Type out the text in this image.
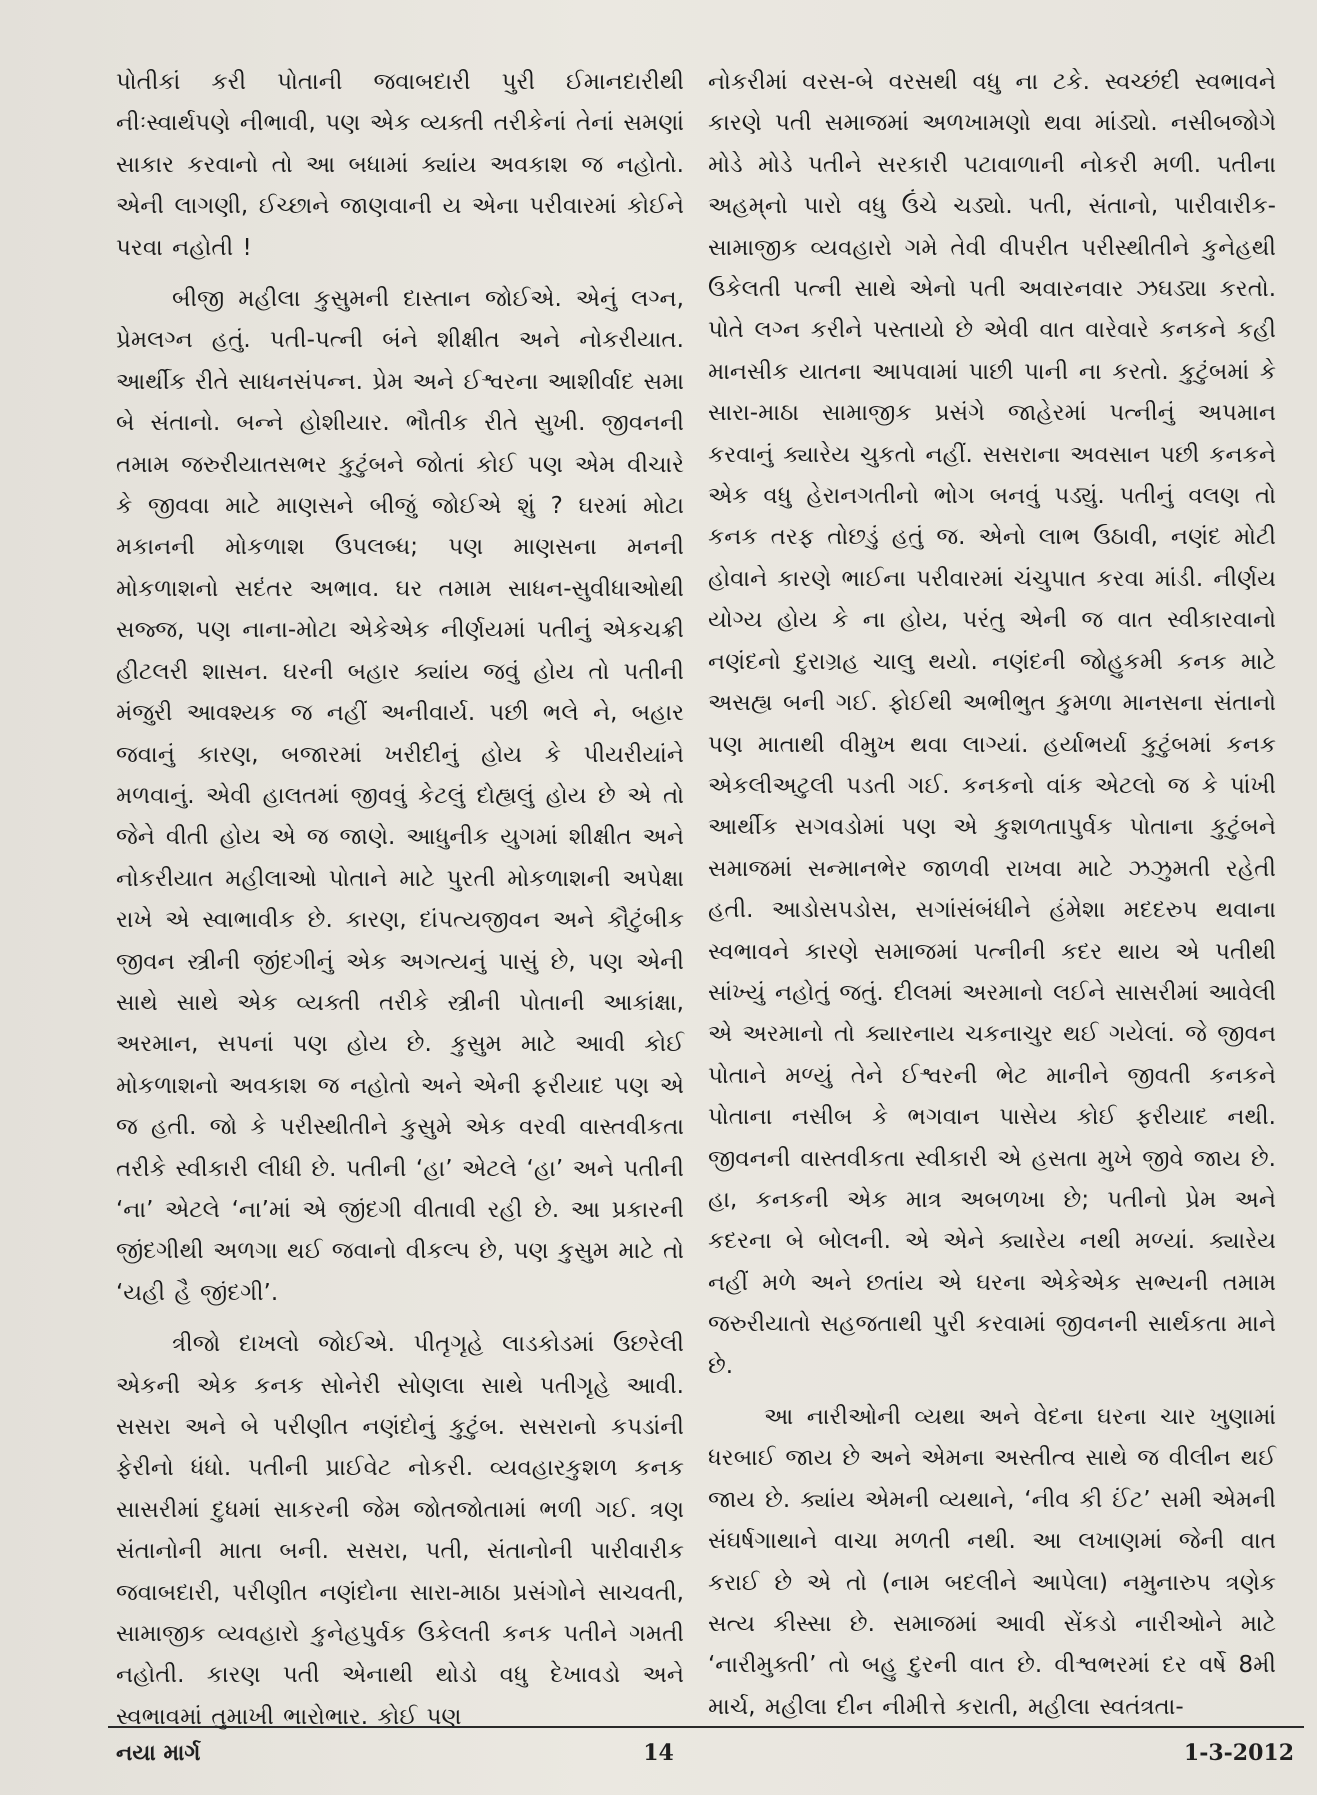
પોતીકાં કરી પોતાની જવાબદારી પુરી ઈમાનદારીથી નીઃસ્વાર્થપણે નીભાવી, પણ એક વ્યક્તી તરીકેનાં તેનાં સમણાં સાકાર કરવાનો તો આ બધામાં ક્યાંય અવકાશ જ નહોતો. એની લાગણી, ઈચ્છાને જાણવાની ય એના પરીવારમાં કોઈને પરવા નહોતી !

બીજી મહીલા કુસુમની દાસ્તાન જોઈએ. એનું લગ્ન, પ્રેમલગ્ન હતું. પતી-પત્ની બંને શીક્ષીત અને નોકરીયાત. આર્થીક રીતે સાધનસંપન્ન. પ્રેમ અને ઈશ્વરના આશીર્વાદ સમા બે સંતાનો. બન્ને હોશીયાર. ભૌતીક રીતે સુખી. જીવનની તમામ જરુરીયાતસભર કુટુંબને જોતાં કોઈ પણ એમ વીચારે કે જીવવા માટે માણસને બીજું જોઈએ શું ? ઘરમાં મોટા મકાનની મોકળાશ ઉપલબ્ધ; પણ માણસના મનની મોકળાશનો સદંતર અભાવ. ઘર તમામ સાધન-સુવીધાઓથી સજ્જ, પણ નાના-મોટા એકેએક નીર્ણયમાં પતીનું એકચક્રી હીટલરી શાસન. ઘરની બહાર ક્યાંય જવું હોય તો પતીની મંજુરી આવશ્યક જ નહીં અનીવાર્ય. પછી ભલે ને, બહાર જવાનું કારણ, બજારમાં ખરીદીનું હોય કે પીયરીયાંને મળવાનું. એવી હાલતમાં જીવવું કેટલું દોહ્યલું હોય છે એ તો જેને વીતી હોય એ જ જાણે. આધુનીક યુગમાં શીક્ષીત અને નોકરીયાત મહીલાઓ પોતાને માટે પુરતી મોકળાશની અપેક્ષા રાખે એ સ્વાભાવીક છે. કારણ, દાંપત્યજીવન અને કૌટુંબીક જીવન સ્ત્રીની જીંદગીનું એક અગત્યનું પાસું છે, પણ એની સાથે સાથે એક વ્યક્તી તરીકે સ્ત્રીની પોતાની આકાંક્ષા, અરમાન, સપનાં પણ હોય છે. કુસુમ માટે આવી કોઈ મોકળાશનો અવકાશ જ નહોતો અને એની ફરીયાદ પણ એ જ હતી. જો કે પરીસ્થીતીને કુસુમે એક વરવી વાસ્તવીકતા તરીકે સ્વીકારી લીધી છે. પતીની ‘હા’ એટલે ‘હા’ અને પતીની ‘ના’ એટલે ‘ના’માં એ જીંદગી વીતાવી રહી છે. આ પ્રકારની જીંદગીથી અળગા થઈ જવાનો વીકલ્પ છે, પણ કુસુમ માટે તો ‘યહી હૈ જીંદગી’.

ત્રીજો દાખલો જોઈએ. પીતૃગૃહે લાડકોડમાં ઉછરેલી એકની એક કનક સોનેરી સોણલા સાથે પતીગૃહે આવી. સસરા અને બે પરીણીત નણંદોનું કુટુંબ. સસરાનો કપડાંની ફેરીનો ધંધો. પતીની પ્રાઈવેટ નોકરી. વ્યવહારકુશળ કનક સાસરીમાં દુધમાં સાકરની જેમ જોતજોતામાં ભળી ગઈ. ત્રણ સંતાનોની માતા બની. સસરા, પતી, સંતાનોની પારીવારીક જવાબદારી, પરીણીત નણંદોના સારા-માઠા પ્રસંગોને સાચવતી, સામાજીક વ્યવહારો કુનેહપુર્વક ઉકેલતી કનક પતીને ગમતી નહોતી. કારણ પતી એનાથી થોડો વધુ દેખાવડો અને સ્વભાવમાં તુમાખી ભારોભાર. કોઈ પણ

નોકરીમાં વરસ-બે વરસથી વધુ ના ટકે. સ્વચ્છંદી સ્વભાવને કારણે પતી સમાજમાં અળખામણો થવા માંડ્યો. નસીબજોગે મોડે મોડે પતીને સરકારી પટાવાળાની નોકરી મળી. પતીના અહમ્‌નો પારો વધુ ઉંચે ચડ્યો. પતી, સંતાનો, પારીવારીક-સામાજીક વ્યવહારો ગમે તેવી વીપરીત પરીસ્થીતીને કુનેહથી ઉકેલતી પત્ની સાથે એનો પતી અવારનવાર ઝઘડ્યા કરતો. પોતે લગ્ન કરીને પસ્તાયો છે એવી વાત વારેવારે કનકને કહી માનસીક યાતના આપવામાં પાછી પાની ના કરતો. કુટુંબમાં કે સારા-માઠા સામાજીક પ્રસંગે જાહેરમાં પત્નીનું અપમાન કરવાનું ક્યારેય ચુકતો નહીં. સસરાના અવસાન પછી કનકને એક વધુ હેરાનગતીનો ભોગ બનવું પડ્યું. પતીનું વલણ તો કનક તરફ તોછડું હતું જ. એનો લાભ ઉઠાવી, નણંદ મોટી હોવાને કારણે ભાઈના પરીવારમાં ચંચુપાત કરવા માંડી. નીર્ણય યોગ્ય હોય કે ના હોય, પરંતુ એની જ વાત સ્વીકારવાનો નણંદનો દુરાગ્રહ ચાલુ થયો. નણંદની જોહુકમી કનક માટે અસહ્ય બની ગઈ. ફોઈથી અભીભુત કુમળા માનસના સંતાનો પણ માતાથી વીમુખ થવા લાગ્યાં. હર્યાભર્યા કુટુંબમાં કનક એકલીઅટુલી પડતી ગઈ. કનકનો વાંક એટલો જ કે પાંખી આર્થીક સગવડોમાં પણ એ કુશળતાપુર્વક પોતાના કુટુંબને સમાજમાં સન્માનભેર જાળવી રાખવા માટે ઝઝુમતી રહેતી હતી. આડોસપડોસ, સગાંસંબંધીને હંમેશા મદદરુપ થવાના સ્વભાવને કારણે સમાજમાં પત્નીની કદર થાય એ પતીથી સાંખ્યું નહોતું જતું. દીલમાં અરમાનો લઈને સાસરીમાં આવેલી એ અરમાનો તો ક્યારનાય ચકનાચુર થઈ ગયેલાં. જે જીવન પોતાને મળ્યું તેને ઈશ્વરની ભેટ માનીને જીવતી કનકને પોતાના નસીબ કે ભગવાન પાસેય કોઈ ફરીયાદ નથી. જીવનની વાસ્તવીકતા સ્વીકારી એ હસતા મુખે જીવે જાય છે. હા, કનકની એક માત્ર અબળખા છે; પતીનો પ્રેમ અને કદરના બે બોલની. એ એને ક્યારેય નથી મળ્યાં. ક્યારેય નહીં મળે અને છતાંય એ ઘરના એકેએક સભ્યની તમામ જરુરીયાતો સહજતાથી પુરી કરવામાં જીવનની સાર્થકતા માને છે.

આ નારીઓની વ્યથા અને વેદના ઘરના ચાર ખુણામાં ધરબાઈ જાય છે અને એમના અસ્તીત્વ સાથે જ વીલીન થઈ જાય છે. ક્યાંય એમની વ્યથાને, ‘નીવ કી ઈંટ’ સમી એમની સંઘર્ષગાથાને વાચા મળતી નથી. આ લખાણમાં જેની વાત કરાઈ છે એ તો (નામ બદલીને આપેલા) નમુનારુપ ત્રણેક સત્ય કીસ્સા છે. સમાજમાં આવી સેંકડો નારીઓને માટે ‘નારીમુક્તી’ તો બહુ દુરની વાત છે. વીશ્વભરમાં દર વર્ષે 8મી માર્ચ, મહીલા દીન નીમીત્તે કરાતી, મહીલા સ્વતંત્રતા-

14
નયા માર્ગ	1-3-2012
